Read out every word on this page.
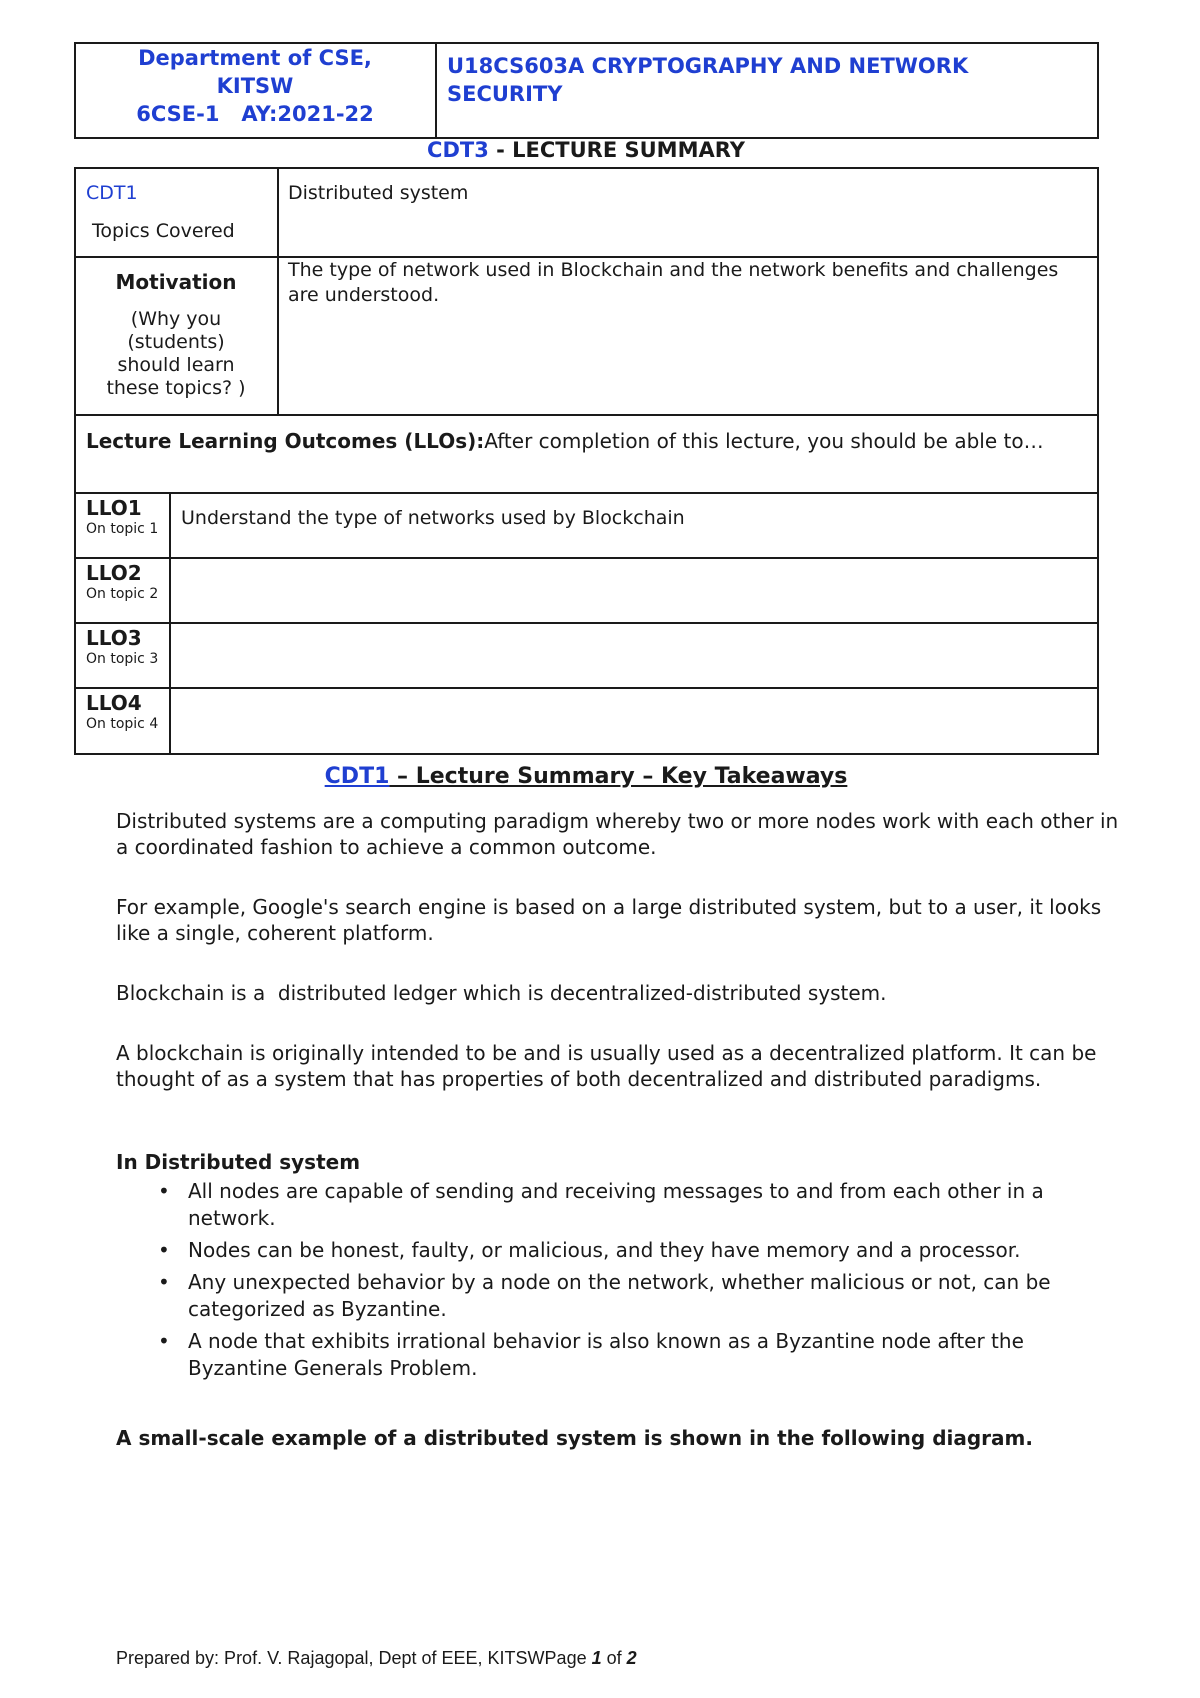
Department of CSE,
KITSW
6CSE-1   AY:2021-22
U18CS603A CRYPTOGRAPHY AND NETWORK SECURITY
CDT3 - LECTURE SUMMARY
CDT1
Topics Covered
Distributed system
Motivation
(Why you (students) should learn these topics? )
The type of network used in Blockchain and the network benefits and challenges are understood.
Lecture Learning Outcomes (LLOs):After completion of this lecture, you should be able to…
LLO1
On topic 1	Understand the type of networks used by Blockchain
LLO2
On topic 2
LLO3
On topic 3
LLO4
On topic 4
CDT1 – Lecture Summary – Key Takeaways
Distributed systems are a computing paradigm whereby two or more nodes work with each other in a coordinated fashion to achieve a common outcome.
For example, Google's search engine is based on a large distributed system, but to a user, it looks like a single, coherent platform.
Blockchain is a  distributed ledger which is decentralized-distributed system.
A blockchain is originally intended to be and is usually used as a decentralized platform. It can be thought of as a system that has properties of both decentralized and distributed paradigms.
In Distributed system
• All nodes are capable of sending and receiving messages to and from each other in a network.
• Nodes can be honest, faulty, or malicious, and they have memory and a processor.
• Any unexpected behavior by a node on the network, whether malicious or not, can be categorized as Byzantine.
• A node that exhibits irrational behavior is also known as a Byzantine node after the Byzantine Generals Problem.
A small-scale example of a distributed system is shown in the following diagram.
Prepared by: Prof. V. Rajagopal, Dept of EEE, KITSWPage 1 of 2
